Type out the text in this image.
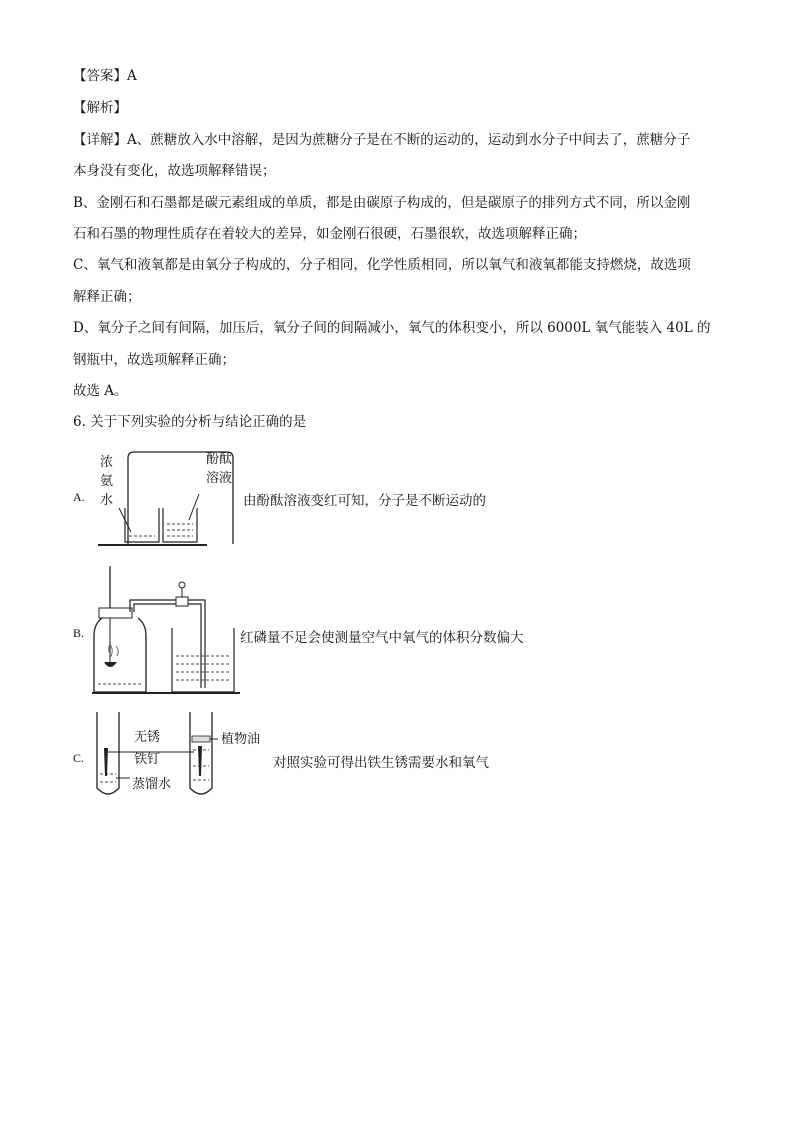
【答案】A
【解析】
【详解】A、蔗糖放入水中溶解，是因为蔗糖分子是在不断的运动的，运动到水分子中间去了，蔗糖分子
本身没有变化，故选项解释错误；
B、金刚石和石墨都是碳元素组成的单质，都是由碳原子构成的，但是碳原子的排列方式不同，所以金刚
石和石墨的物理性质存在着较大的差异，如金刚石很硬，石墨很软，故选项解释正确；
C、氧气和液氧都是由氧分子构成的，分子相同，化学性质相同，所以氧气和液氧都能支持燃烧，故选项
解释正确；
D、氧分子之间有间隔，加压后，氧分子间的间隔减小，氧气的体积变小，所以 6000L 氧气能装入 40L 的
钢瓶中，故选项解释正确；
故选 A。
6. 关于下列实验的分析与结论正确的是
A.
浓
氨
水
酚酞
溶液
由酚酞溶液变红可知，分子是不断运动的
B.	红磷量不足会使测量空气中氧气的体积分数偏大
C.
无锈
铁钉
蒸馏水
植物油
对照实验可得出铁生锈需要水和氧气
